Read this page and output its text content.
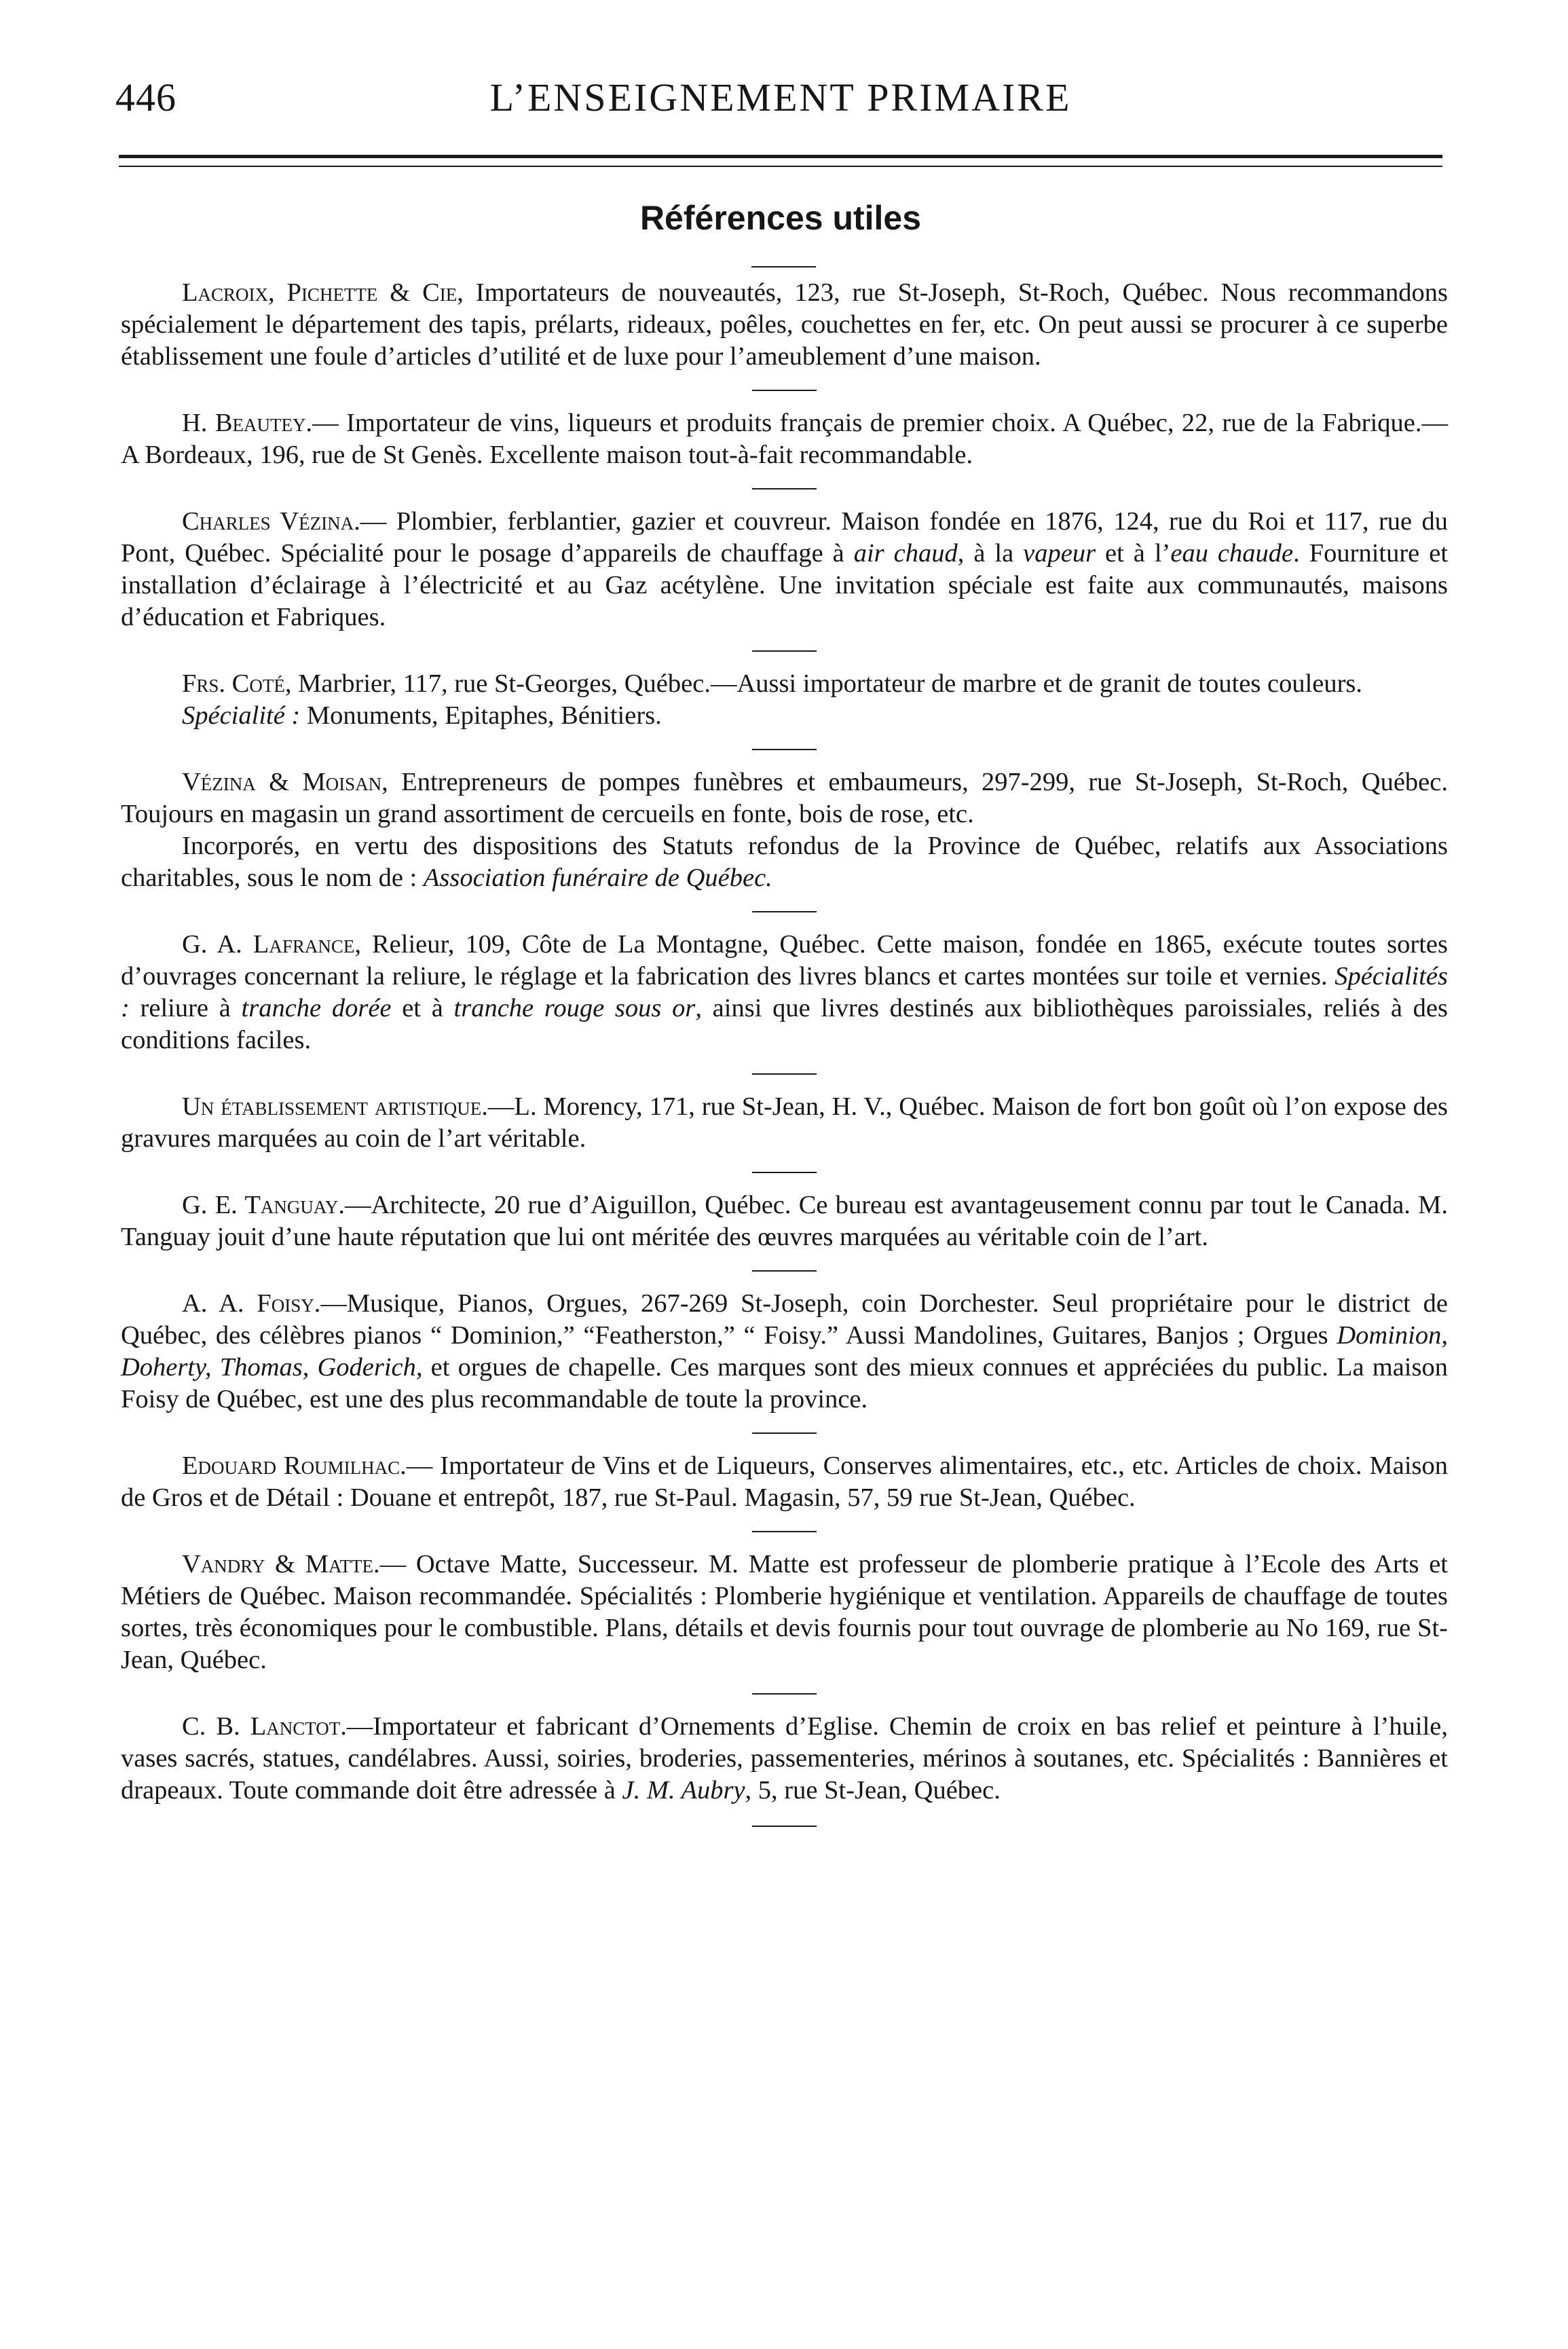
446	L’ENSEIGNEMENT PRIMAIRE
Références utiles

Lacroix, Pichette & Cie, Importateurs de nouveautés, 123, rue St-Joseph, St-Roch, Québec. Nous recommandons spécialement le département des tapis, prélarts, rideaux, poêles, couchettes en fer, etc. On peut aussi se procurer à ce superbe établissement une foule d’articles d’utilité et de luxe pour l’ameublement d’une maison.

H. Beautey.— Importateur de vins, liqueurs et produits français de premier choix. A Québec, 22, rue de la Fabrique.— A Bordeaux, 196, rue de St Genès. Excellente maison tout-à-fait recommandable.

Charles Vézina.— Plombier, ferblantier, gazier et couvreur. Maison fondée en 1876, 124, rue du Roi et 117, rue du Pont, Québec. Spécialité pour le posage d’appareils de chauffage à air chaud, à la vapeur et à l’eau chaude. Fourniture et installation d’éclairage à l’électricité et au Gaz acétylène. Une invitation spéciale est faite aux communautés, maisons d’éducation et Fabriques.

Frs. Coté, Marbrier, 117, rue St-Georges, Québec.—Aussi importateur de marbre et de granit de toutes couleurs.

Spécialité : Monuments, Epitaphes, Bénitiers.

Vézina & Moisan, Entrepreneurs de pompes funèbres et embaumeurs, 297-299, rue St-Joseph, St-Roch, Québec. Toujours en magasin un grand assortiment de cercueils en fonte, bois de rose, etc.

Incorporés, en vertu des dispositions des Statuts refondus de la Province de Québec, relatifs aux Associations charitables, sous le nom de : Association funéraire de Québec.

G. A. Lafrance, Relieur, 109, Côte de La Montagne, Québec. Cette maison, fondée en 1865, exécute toutes sortes d’ouvrages concernant la reliure, le réglage et la fabrication des livres blancs et cartes montées sur toile et vernies. Spécialités : reliure à tranche dorée et à tranche rouge sous or, ainsi que livres destinés aux bibliothèques paroissiales, reliés à des conditions faciles.

Un établissement artistique.—L. Morency, 171, rue St-Jean, H. V., Québec. Maison de fort bon goût où l’on expose des gravures marquées au coin de l’art véritable.

G. E. Tanguay.—Architecte, 20 rue d’Aiguillon, Québec. Ce bureau est avantageusement connu par tout le Canada. M. Tanguay jouit d’une haute réputation que lui ont méritée des œuvres marquées au véritable coin de l’art.

A. A. Foisy.—Musique, Pianos, Orgues, 267-269 St-Joseph, coin Dorchester. Seul propriétaire pour le district de Québec, des célèbres pianos “ Dominion,” “Featherston,” “ Foisy.” Aussi Mandolines, Guitares, Banjos ; Orgues Dominion, Doherty, Thomas, Goderich, et orgues de chapelle. Ces marques sont des mieux connues et appréciées du public. La maison Foisy de Québec, est une des plus recommandable de toute la province.

Edouard Roumilhac.— Importateur de Vins et de Liqueurs, Conserves alimentaires, etc., etc. Articles de choix. Maison de Gros et de Détail : Douane et entrepôt, 187, rue St-Paul. Magasin, 57, 59 rue St-Jean, Québec.

Vandry & Matte.— Octave Matte, Successeur. M. Matte est professeur de plomberie pratique à l’Ecole des Arts et Métiers de Québec. Maison recommandée. Spécialités : Plomberie hygiénique et ventilation. Appareils de chauffage de toutes sortes, très économiques pour le combustible. Plans, détails et devis fournis pour tout ouvrage de plomberie au No 169, rue St-Jean, Québec.

C. B. Lanctot.—Importateur et fabricant d’Ornements d’Eglise. Chemin de croix en bas relief et peinture à l’huile, vases sacrés, statues, candélabres. Aussi, soiries, broderies, passementeries, mérinos à soutanes, etc. Spécialités : Bannières et drapeaux. Toute commande doit être adressée à J. M. Aubry, 5, rue St-Jean, Québec.
